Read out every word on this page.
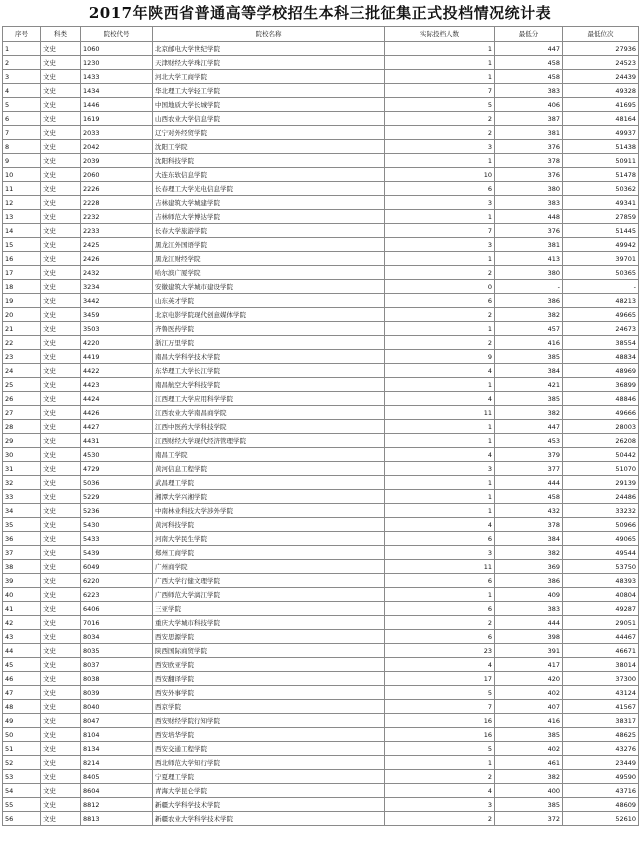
2017年陕西省普通高等学校招生本科三批征集正式投档情况统计表
序号	科类	院校代号	院校名称	实际投档人数	最低分	最低位次
1	文史	1060	北京邮电大学世纪学院	1	447	27936
2	文史	1230	天津财经大学珠江学院	1	458	24523
3	文史	1433	河北大学工商学院	1	458	24439
4	文史	1434	华北理工大学轻工学院	7	383	49328
5	文史	1446	中国地质大学长城学院	5	406	41695
6	文史	1619	山西农业大学信息学院	2	387	48164
7	文史	2033	辽宁对外经贸学院	2	381	49937
8	文史	2042	沈阳工学院	3	376	51438
9	文史	2039	沈阳科技学院	1	378	50911
10	文史	2060	大连东软信息学院	10	376	51478
11	文史	2226	长春理工大学光电信息学院	6	380	50362
12	文史	2228	吉林建筑大学城建学院	3	383	49341
13	文史	2232	吉林师范大学博达学院	1	448	27859
14	文史	2233	长春大学旅游学院	7	376	51445
15	文史	2425	黑龙江外国语学院	3	381	49942
16	文史	2426	黑龙江财经学院	1	413	39701
17	文史	2432	哈尔滨广厦学院	2	380	50365
18	文史	3234	安徽建筑大学城市建设学院	0	-	-
19	文史	3442	山东英才学院	6	386	48213
20	文史	3459	北京电影学院现代创意媒体学院	2	382	49665
21	文史	3503	齐鲁医药学院	1	457	24673
22	文史	4220	浙江万里学院	2	416	38554
23	文史	4419	南昌大学科学技术学院	9	385	48834
24	文史	4422	东华理工大学长江学院	4	384	48969
25	文史	4423	南昌航空大学科技学院	1	421	36899
26	文史	4424	江西理工大学应用科学学院	4	385	48846
27	文史	4426	江西农业大学南昌商学院	11	382	49666
28	文史	4427	江西中医药大学科技学院	1	447	28003
29	文史	4431	江西财经大学现代经济管理学院	1	453	26208
30	文史	4530	南昌工学院	4	379	50442
31	文史	4729	黄河信息工程学院	3	377	51070
32	文史	5036	武昌理工学院	1	444	29139
33	文史	5229	湘潭大学兴湘学院	1	458	24486
34	文史	5236	中南林业科技大学涉外学院	1	432	33232
35	文史	5430	黄河科技学院	4	378	50966
36	文史	5433	河南大学民生学院	6	384	49065
37	文史	5439	郑州工商学院	3	382	49544
38	文史	6049	广州商学院	11	369	53750
39	文史	6220	广西大学行健文理学院	6	386	48393
40	文史	6223	广西师范大学漓江学院	1	409	40804
41	文史	6406	三亚学院	6	383	49287
42	文史	7016	重庆大学城市科技学院	2	444	29051
43	文史	8034	西安思源学院	6	398	44467
44	文史	8035	陕西国际商贸学院	23	391	46671
45	文史	8037	西安欧亚学院	4	417	38014
46	文史	8038	西安翻译学院	17	420	37300
47	文史	8039	西安外事学院	5	402	43124
48	文史	8040	西京学院	7	407	41567
49	文史	8047	西安财经学院行知学院	16	416	38317
50	文史	8104	西安培华学院	16	385	48625
51	文史	8134	西安交通工程学院	5	402	43276
52	文史	8214	西北师范大学知行学院	1	461	23449
53	文史	8405	宁夏理工学院	2	382	49590
54	文史	8604	青海大学昆仑学院	4	400	43716
55	文史	8812	新疆大学科学技术学院	3	385	48609
56	文史	8813	新疆农业大学科学技术学院	2	372	52610
